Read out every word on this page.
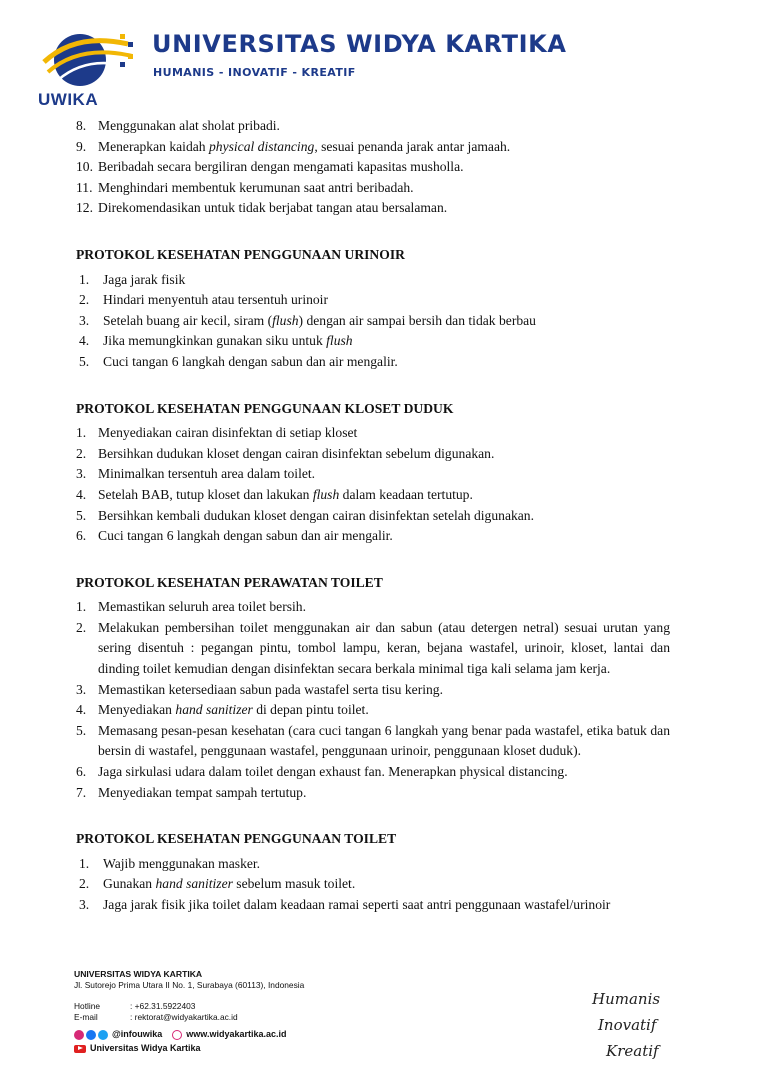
UWIKA
UNIVERSITAS WIDYA KARTIKA
HUMANIS - INOVATIF - KREATIF
8. Menggunakan alat sholat pribadi.
9. Menerapkan kaidah physical distancing, sesuai penanda jarak antar jamaah.
10. Beribadah secara bergiliran dengan mengamati kapasitas musholla.
11. Menghindari membentuk kerumunan saat antri beribadah.
12. Direkomendasikan untuk tidak berjabat tangan atau bersalaman.
PROTOKOL KESEHATAN PENGGUNAAN URINOIR
1.	Jaga jarak fisik
2.	Hindari menyentuh atau tersentuh urinoir
3.	Setelah buang air kecil, siram (flush) dengan air sampai bersih dan tidak berbau
4.	Jika memungkinkan gunakan siku untuk flush
5.	Cuci tangan 6 langkah dengan sabun dan air mengalir.
PROTOKOL KESEHATAN PENGGUNAAN KLOSET DUDUK
1. Menyediakan cairan disinfektan di setiap kloset
2. Bersihkan dudukan kloset dengan cairan disinfektan sebelum digunakan.
3. Minimalkan tersentuh area dalam toilet.
4. Setelah BAB, tutup kloset dan lakukan flush dalam keadaan tertutup.
5. Bersihkan kembali dudukan kloset dengan cairan disinfektan setelah digunakan.
6. Cuci tangan 6 langkah dengan sabun dan air mengalir.
PROTOKOL KESEHATAN PERAWATAN TOILET
1. Memastikan seluruh area toilet bersih.
2. Melakukan pembersihan toilet menggunakan air dan sabun (atau detergen netral) sesuai urutan yang sering disentuh : pegangan pintu, tombol lampu, keran, bejana wastafel, urinoir, kloset, lantai dan dinding toilet kemudian dengan disinfektan secara berkala minimal tiga kali selama jam kerja.
3. Memastikan ketersediaan sabun pada wastafel serta tisu kering.
4. Menyediakan hand sanitizer di depan pintu toilet.
5. Memasang pesan-pesan kesehatan (cara cuci tangan 6 langkah yang benar pada wastafel, etika batuk dan bersin di wastafel, penggunaan wastafel, penggunaan urinoir, penggunaan kloset duduk).
6. Jaga sirkulasi udara dalam toilet dengan exhaust fan. Menerapkan physical distancing.
7. Menyediakan tempat sampah tertutup.
PROTOKOL KESEHATAN PENGGUNAAN TOILET
1.	Wajib menggunakan masker.
2.	Gunakan hand sanitizer sebelum masuk toilet.
3.	Jaga jarak fisik jika toilet dalam keadaan ramai seperti saat antri penggunaan wastafel/urinoir
UNIVERSITAS WIDYA KARTIKA
Jl. Sutorejo Prima Utara II No. 1, Surabaya (60113), Indonesia
Hotline	: +62.31.5922403
E-mail	: rektorat@widyakartika.ac.id
@infouwika	www.widyakartika.ac.id
Universitas Widya Kartika
Humanis
Inovatif
Kreatif
